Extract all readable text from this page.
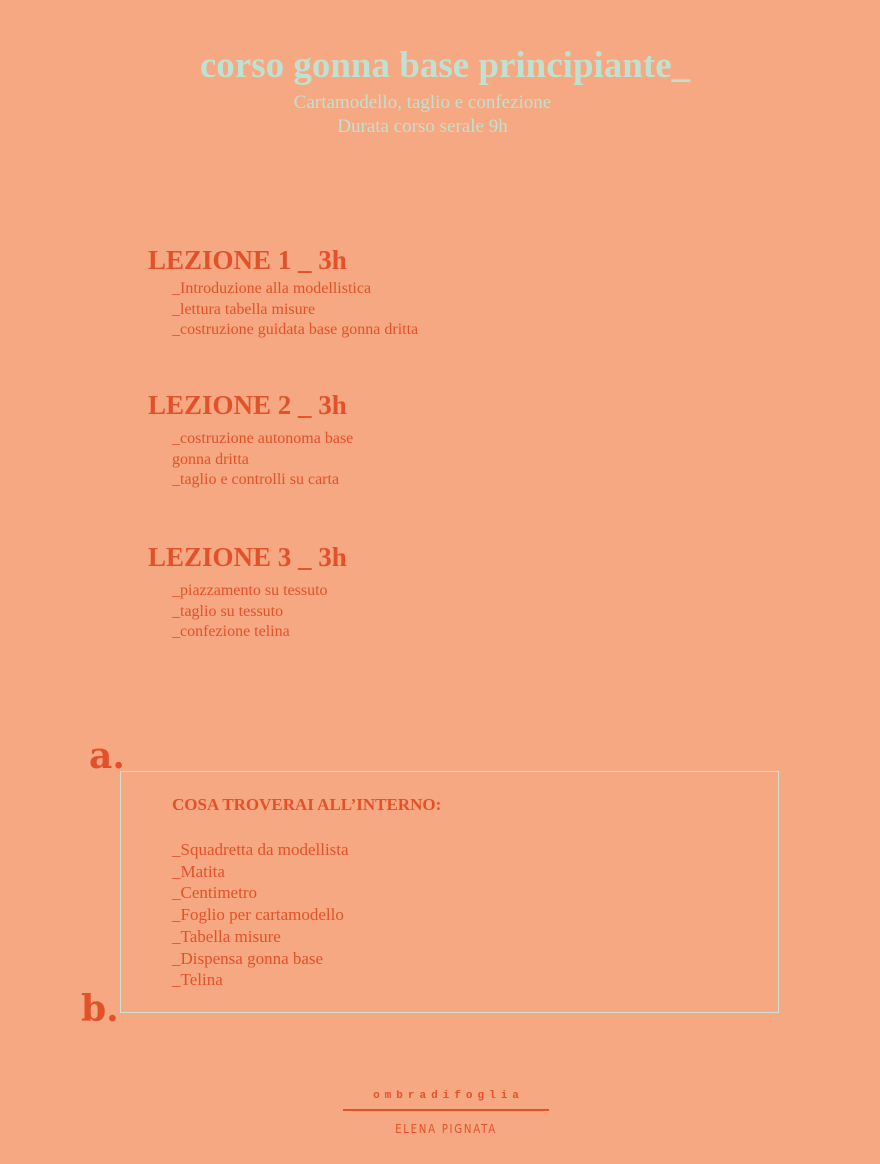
corso gonna base principiante_
Cartamodello, taglio e confezione
Durata corso serale 9h
LEZIONE 1 _ 3h
_Introduzione alla modellistica
_lettura tabella misure
_costruzione guidata base gonna dritta
LEZIONE 2 _ 3h
_costruzione autonoma base
gonna dritta
_taglio e controlli su carta
LEZIONE 3 _ 3h
_piazzamento su tessuto
_taglio su tessuto
_confezione telina
a.
COSA TROVERAI ALL’INTERNO:
_Squadretta da modellista
_Matita
_Centimetro
_Foglio per cartamodello
_Tabella misure
_Dispensa gonna base
_Telina
b.
ombradifoglia
ELENA PIGNATA
